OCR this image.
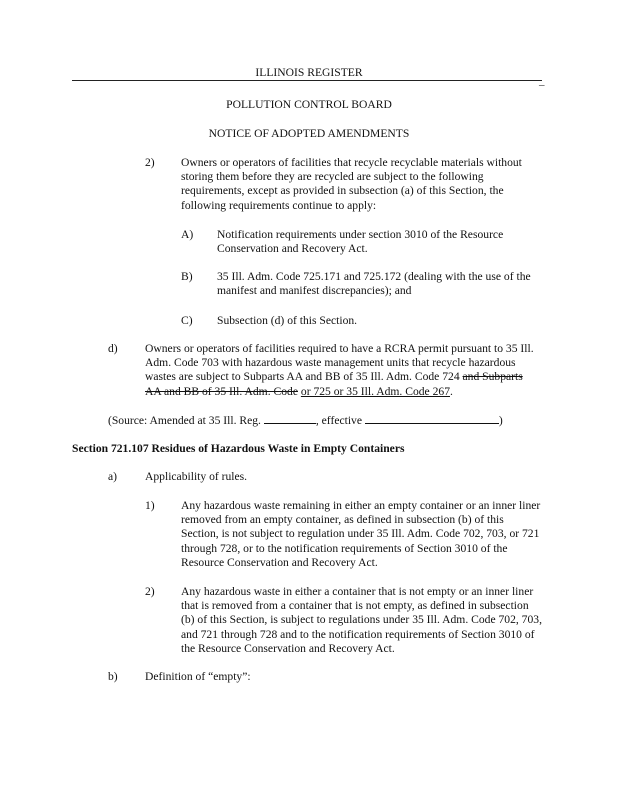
ILLINOIS REGISTER
_
POLLUTION CONTROL BOARD
NOTICE OF ADOPTED AMENDMENTS
2) Owners or operators of facilities that recycle recyclable materials without storing them before they are recycled are subject to the following requirements, except as provided in subsection (a) of this Section, the following requirements continue to apply:
A) Notification requirements under section 3010 of the Resource Conservation and Recovery Act.
B) 35 Ill. Adm. Code 725.171 and 725.172 (dealing with the use of the manifest and manifest discrepancies); and
C) Subsection (d) of this Section.
d) Owners or operators of facilities required to have a RCRA permit pursuant to 35 Ill. Adm. Code 703 with hazardous waste management units that recycle hazardous wastes are subject to Subparts AA and BB of 35 Ill. Adm. Code 724 and Subparts AA and BB of 35 Ill. Adm. Code or 725 or 35 Ill. Adm. Code 267.
(Source: Amended at 35 Ill. Reg.	, effective	)
Section 721.107 Residues of Hazardous Waste in Empty Containers
a) Applicability of rules.
1) Any hazardous waste remaining in either an empty container or an inner liner removed from an empty container, as defined in subsection (b) of this Section, is not subject to regulation under 35 Ill. Adm. Code 702, 703, or 721 through 728, or to the notification requirements of Section 3010 of the Resource Conservation and Recovery Act.
2) Any hazardous waste in either a container that is not empty or an inner liner that is removed from a container that is not empty, as defined in subsection (b) of this Section, is subject to regulations under 35 Ill. Adm. Code 702, 703, and 721 through 728 and to the notification requirements of Section 3010 of the Resource Conservation and Recovery Act.
b) Definition of “empty”:
